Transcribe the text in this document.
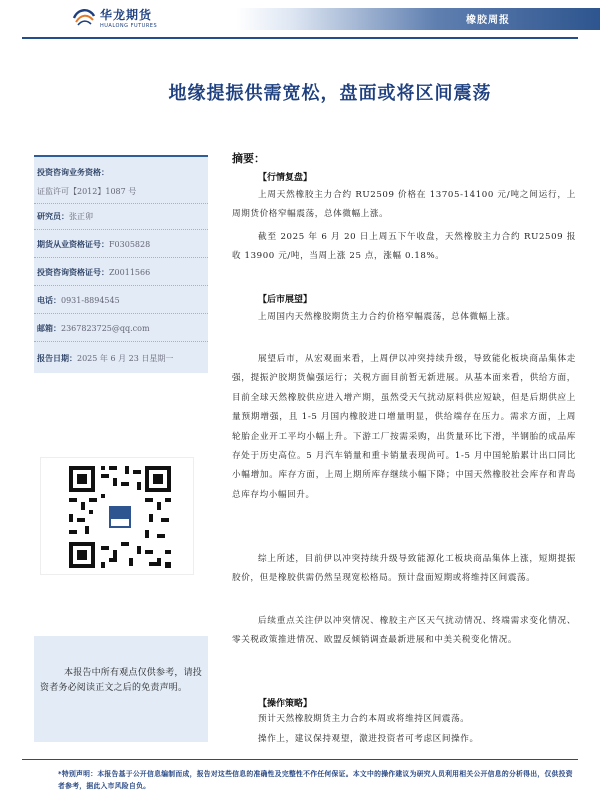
华龙期货
HUALONG FUTURES	橡胶周报
地缘提振供需宽松，盘面或将区间震荡
投资咨询业务资格：
证监许可【2012】1087 号
研究员：张正卯
期货从业资格证号：F0305828
投资咨询资格证号：Z0011566
电话：0931-8894545
邮箱：2367823725@qq.com
报告日期：2025 年 6 月 23 日星期一
本报告中所有观点仅供参考，请投资者务必阅读正文之后的免责声明。
摘要：
【行情复盘】
上周天然橡胶主力合约 RU2509 价格在 13705-14100 元/吨之间运行，上周期货价格窄幅震荡，总体微幅上涨。
截至 2025 年 6 月 20 日上周五下午收盘，天然橡胶主力合约 RU2509 报收 13900 元/吨，当周上涨 25 点，涨幅 0.18%。
【后市展望】
上周国内天然橡胶期货主力合约价格窄幅震荡，总体微幅上涨。
展望后市，从宏观面来看，上周伊以冲突持续升级，导致能化板块商品集体走强，提振沪胶期货偏强运行；关税方面目前暂无新进展。从基本面来看，供给方面，目前全球天然橡胶供应进入增产期，虽然受天气扰动原料供应短缺，但是后期供应上量预期增强，且 1-5 月国内橡胶进口增量明显，供给端存在压力。需求方面，上周轮胎企业开工平均小幅上升。下游工厂按需采购，出货量环比下滑，半钢胎的成品库存处于历史高位。5 月汽车销量和重卡销量表现尚可。1-5 月中国轮胎累计出口同比小幅增加。库存方面，上周上期所库存继续小幅下降；中国天然橡胶社会库存和青岛总库存均小幅回升。
综上所述，目前伊以冲突持续升级导致能源化工板块商品集体上涨，短期提振胶价，但是橡胶供需仍然呈现宽松格局。预计盘面短期或将维持区间震荡。
后续重点关注伊以冲突情况、橡胶主产区天气扰动情况、终端需求变化情况、零关税政策推进情况、欧盟反倾销调查最新进展和中美关税变化情况。
【操作策略】
预计天然橡胶期货主力合约本周或将维持区间震荡。
操作上，建议保持观望，激进投资者可考虑区间操作。
*特别声明：本报告基于公开信息编制而成，报告对这些信息的准确性及完整性不作任何保证。本文中的操作建议为研究人员利用相关公开信息的分析得出，仅供投资者参考，据此入市风险自负。
